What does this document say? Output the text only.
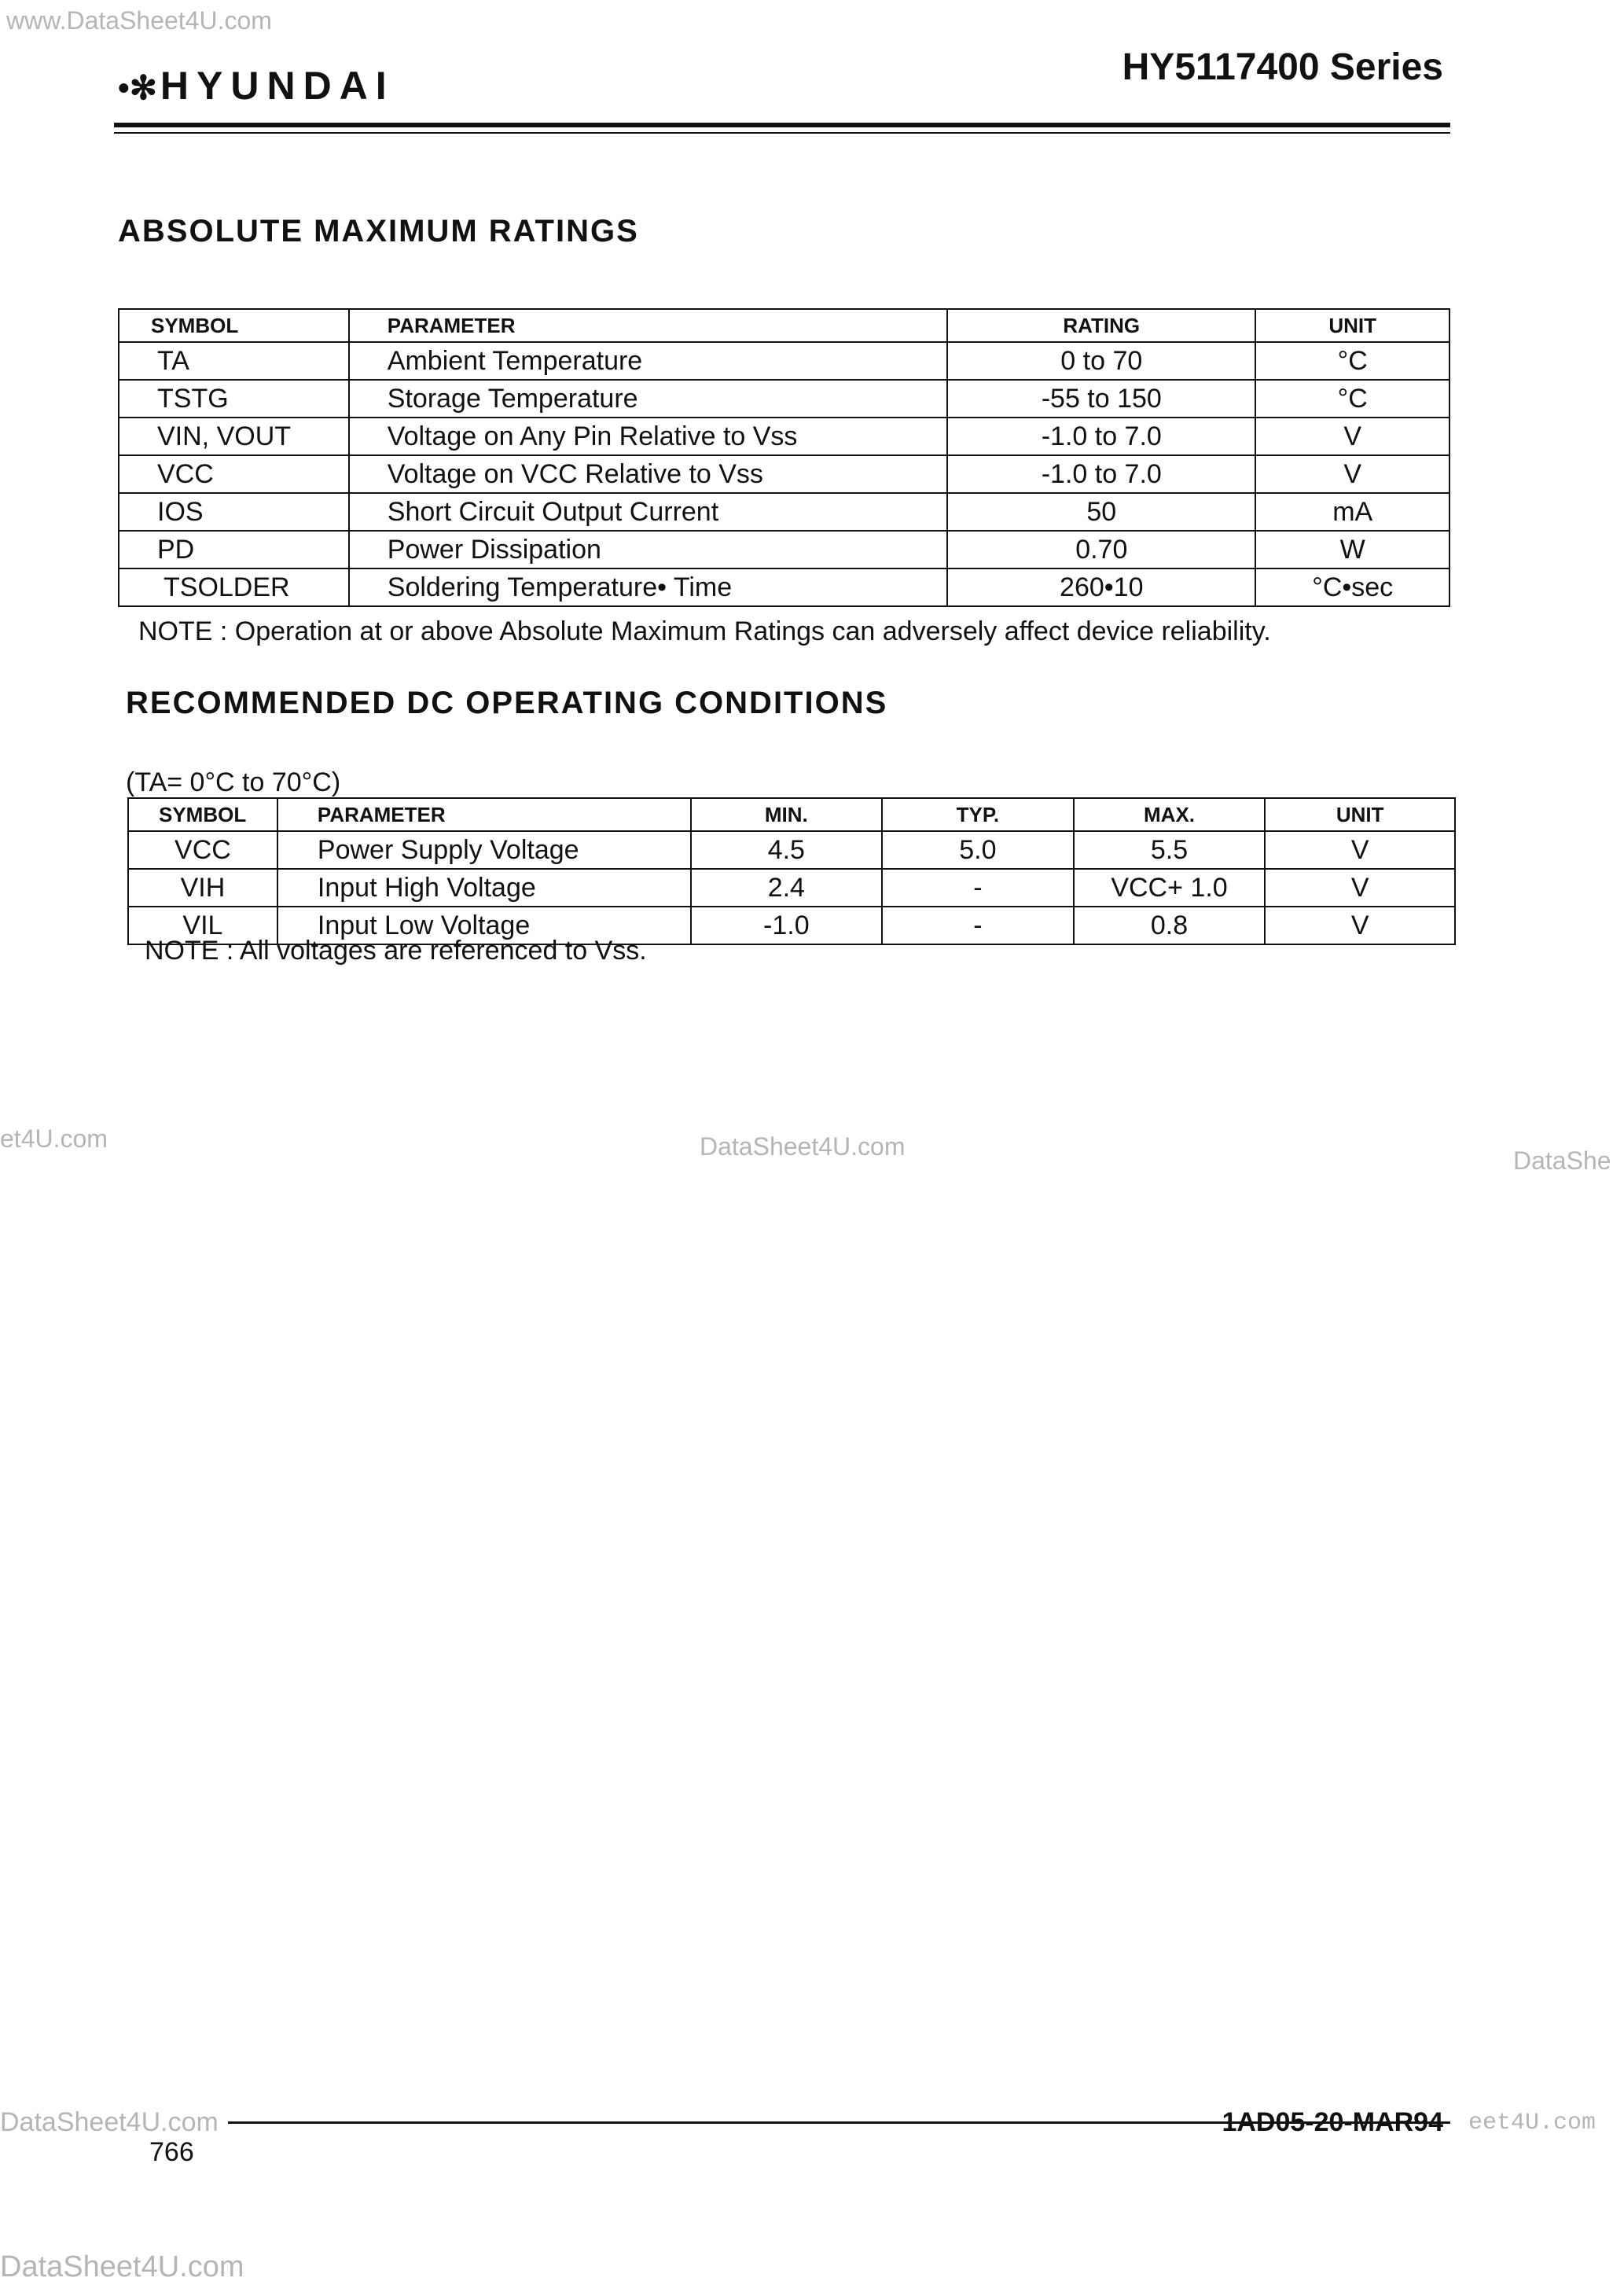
www.DataSheet4U.com
et4U.com	DataSheet4U.com	DataShe
DataSheet4U.com	eet4U.com
DataSheet4U.com
•✻HYUNDAI	HY5117400 Series
ABSOLUTE MAXIMUM RATINGS
SYMBOL	PARAMETER	RATING	UNIT
TA	Ambient Temperature	0 to 70	°C
TSTG	Storage Temperature	-55 to 150	°C
VIN, VOUT	Voltage on Any Pin Relative to Vss	-1.0 to 7.0	V
VCC	Voltage on VCC Relative to Vss	-1.0 to 7.0	V
IOS	Short Circuit Output Current	50	mA
PD	Power Dissipation	0.70	W
TSOLDER	Soldering Temperature• Time	260•10	°C•sec
NOTE : Operation at or above Absolute Maximum Ratings can adversely affect device reliability.
RECOMMENDED DC OPERATING CONDITIONS
(TA= 0°C to 70°C)
SYMBOL	PARAMETER	MIN.	TYP.	MAX.	UNIT
VCC	Power Supply Voltage	4.5	5.0	5.5	V
VIH	Input High Voltage	2.4	-	VCC+ 1.0	V
VIL	Input Low Voltage	-1.0	-	0.8	V
NOTE : All voltages are referenced to Vss.
1AD05-20-MAR94
766
